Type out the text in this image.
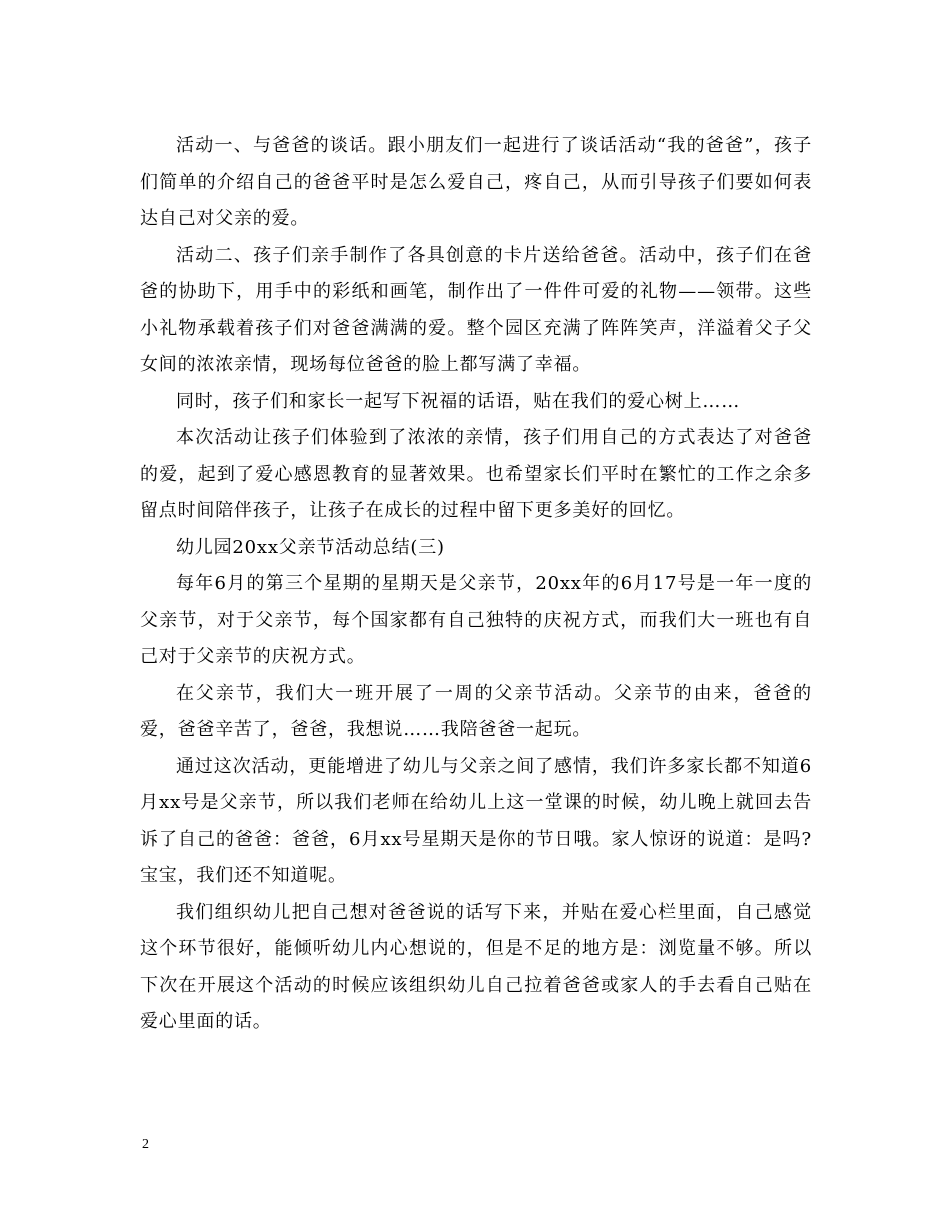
活动一、与爸爸的谈话。跟小朋友们一起进行了谈话活动“我的爸爸”，孩子们简单的介绍自己的爸爸平时是怎么爱自己，疼自己，从而引导孩子们要如何表达自己对父亲的爱。

活动二、孩子们亲手制作了各具创意的卡片送给爸爸。活动中，孩子们在爸爸的协助下，用手中的彩纸和画笔，制作出了一件件可爱的礼物——领带。这些小礼物承载着孩子们对爸爸满满的爱。整个园区充满了阵阵笑声，洋溢着父子父女间的浓浓亲情，现场每位爸爸的脸上都写满了幸福。

同时，孩子们和家长一起写下祝福的话语，贴在我们的爱心树上……

本次活动让孩子们体验到了浓浓的亲情，孩子们用自己的方式表达了对爸爸的爱，起到了爱心感恩教育的显著效果。也希望家长们平时在繁忙的工作之余多留点时间陪伴孩子，让孩子在成长的过程中留下更多美好的回忆。

幼儿园20xx父亲节活动总结(三)

每年6月的第三个星期的星期天是父亲节，20xx年的6月17号是一年一度的父亲节，对于父亲节，每个国家都有自己独特的庆祝方式，而我们大一班也有自己对于父亲节的庆祝方式。

在父亲节，我们大一班开展了一周的父亲节活动。父亲节的由来，爸爸的爱，爸爸辛苦了，爸爸，我想说……我陪爸爸一起玩。

通过这次活动，更能增进了幼儿与父亲之间了感情，我们许多家长都不知道6月xx号是父亲节，所以我们老师在给幼儿上这一堂课的时候，幼儿晚上就回去告诉了自己的爸爸：爸爸，6月xx号星期天是你的节日哦。家人惊讶的说道：是吗?宝宝，我们还不知道呢。

我们组织幼儿把自己想对爸爸说的话写下来，并贴在爱心栏里面，自己感觉这个环节很好，能倾听幼儿内心想说的，但是不足的地方是：浏览量不够。所以下次在开展这个活动的时候应该组织幼儿自己拉着爸爸或家人的手去看自己贴在爱心里面的话。

2
